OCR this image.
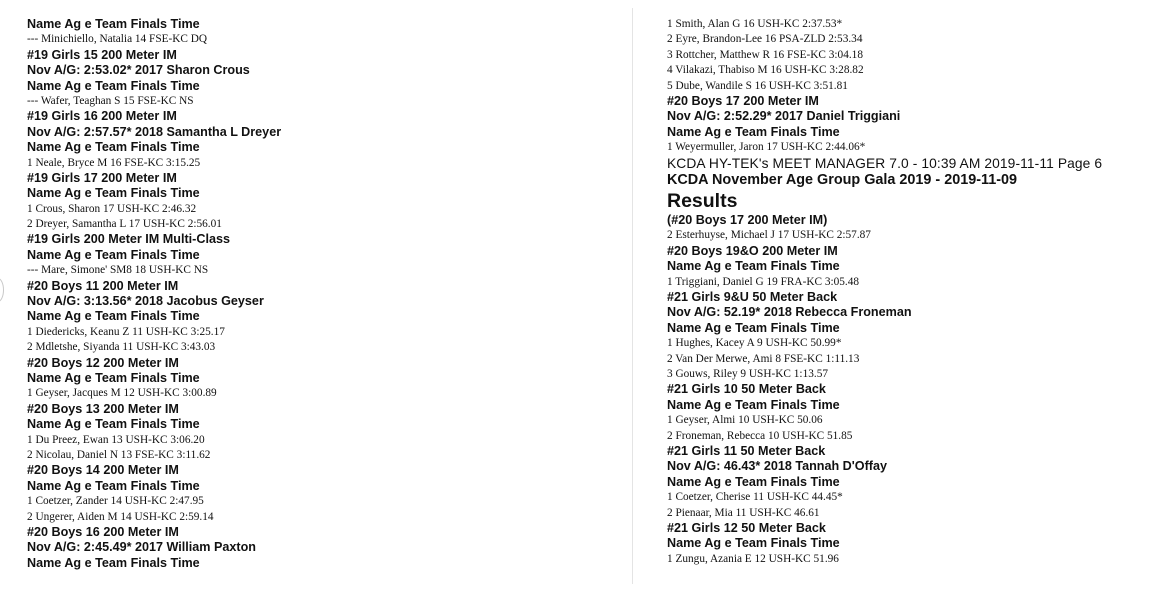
Name Ag e Team Finals Time
--- Minichiello, Natalia 14 FSE-KC DQ
#19 Girls 15 200 Meter IM
Nov A/G: 2:53.02* 2017 Sharon Crous
Name Ag e Team Finals Time
--- Wafer, Teaghan S 15 FSE-KC NS
#19 Girls 16 200 Meter IM
Nov A/G: 2:57.57* 2018 Samantha L Dreyer
Name Ag e Team Finals Time
1 Neale, Bryce M 16 FSE-KC 3:15.25
#19 Girls 17 200 Meter IM
Name Ag e Team Finals Time
1 Crous, Sharon 17 USH-KC 2:46.32
2 Dreyer, Samantha L 17 USH-KC 2:56.01
#19 Girls 200 Meter IM Multi-Class
Name Ag e Team Finals Time
--- Mare, Simone' SM8 18 USH-KC NS
#20 Boys 11 200 Meter IM
Nov A/G: 3:13.56* 2018 Jacobus Geyser
Name Ag e Team Finals Time
1 Diedericks, Keanu Z 11 USH-KC 3:25.17
2 Mdletshe, Siyanda 11 USH-KC 3:43.03
#20 Boys 12 200 Meter IM
Name Ag e Team Finals Time
1 Geyser, Jacques M 12 USH-KC 3:00.89
#20 Boys 13 200 Meter IM
Name Ag e Team Finals Time
1 Du Preez, Ewan 13 USH-KC 3:06.20
2 Nicolau, Daniel N 13 FSE-KC 3:11.62
#20 Boys 14 200 Meter IM
Name Ag e Team Finals Time
1 Coetzer, Zander 14 USH-KC 2:47.95
2 Ungerer, Aiden M 14 USH-KC 2:59.14
#20 Boys 16 200 Meter IM
Nov A/G: 2:45.49* 2017 William Paxton
Name Ag e Team Finals Time
1 Smith, Alan G 16 USH-KC 2:37.53*
2 Eyre, Brandon-Lee 16 PSA-ZLD 2:53.34
3 Rottcher, Matthew R 16 FSE-KC 3:04.18
4 Vilakazi, Thabiso M 16 USH-KC 3:28.82
5 Dube, Wandile S 16 USH-KC 3:51.81
#20 Boys 17 200 Meter IM
Nov A/G: 2:52.29* 2017 Daniel Triggiani
Name Ag e Team Finals Time
1 Weyermuller, Jaron 17 USH-KC 2:44.06*
KCDA HY-TEK's MEET MANAGER 7.0 - 10:39 AM 2019-11-11 Page 6
KCDA November Age Group Gala 2019 - 2019-11-09
Results
(#20 Boys 17 200 Meter IM)
2 Esterhuyse, Michael J 17 USH-KC 2:57.87
#20 Boys 19&O 200 Meter IM
Name Ag e Team Finals Time
1 Triggiani, Daniel G 19 FRA-KC 3:05.48
#21 Girls 9&U 50 Meter Back
Nov A/G: 52.19* 2018 Rebecca Froneman
Name Ag e Team Finals Time
1 Hughes, Kacey A 9 USH-KC 50.99*
2 Van Der Merwe, Ami 8 FSE-KC 1:11.13
3 Gouws, Riley 9 USH-KC 1:13.57
#21 Girls 10 50 Meter Back
Name Ag e Team Finals Time
1 Geyser, Almi 10 USH-KC 50.06
2 Froneman, Rebecca 10 USH-KC 51.85
#21 Girls 11 50 Meter Back
Nov A/G: 46.43* 2018 Tannah D'Offay
Name Ag e Team Finals Time
1 Coetzer, Cherise 11 USH-KC 44.45*
2 Pienaar, Mia 11 USH-KC 46.61
#21 Girls 12 50 Meter Back
Name Ag e Team Finals Time
1 Zungu, Azania E 12 USH-KC 51.96
